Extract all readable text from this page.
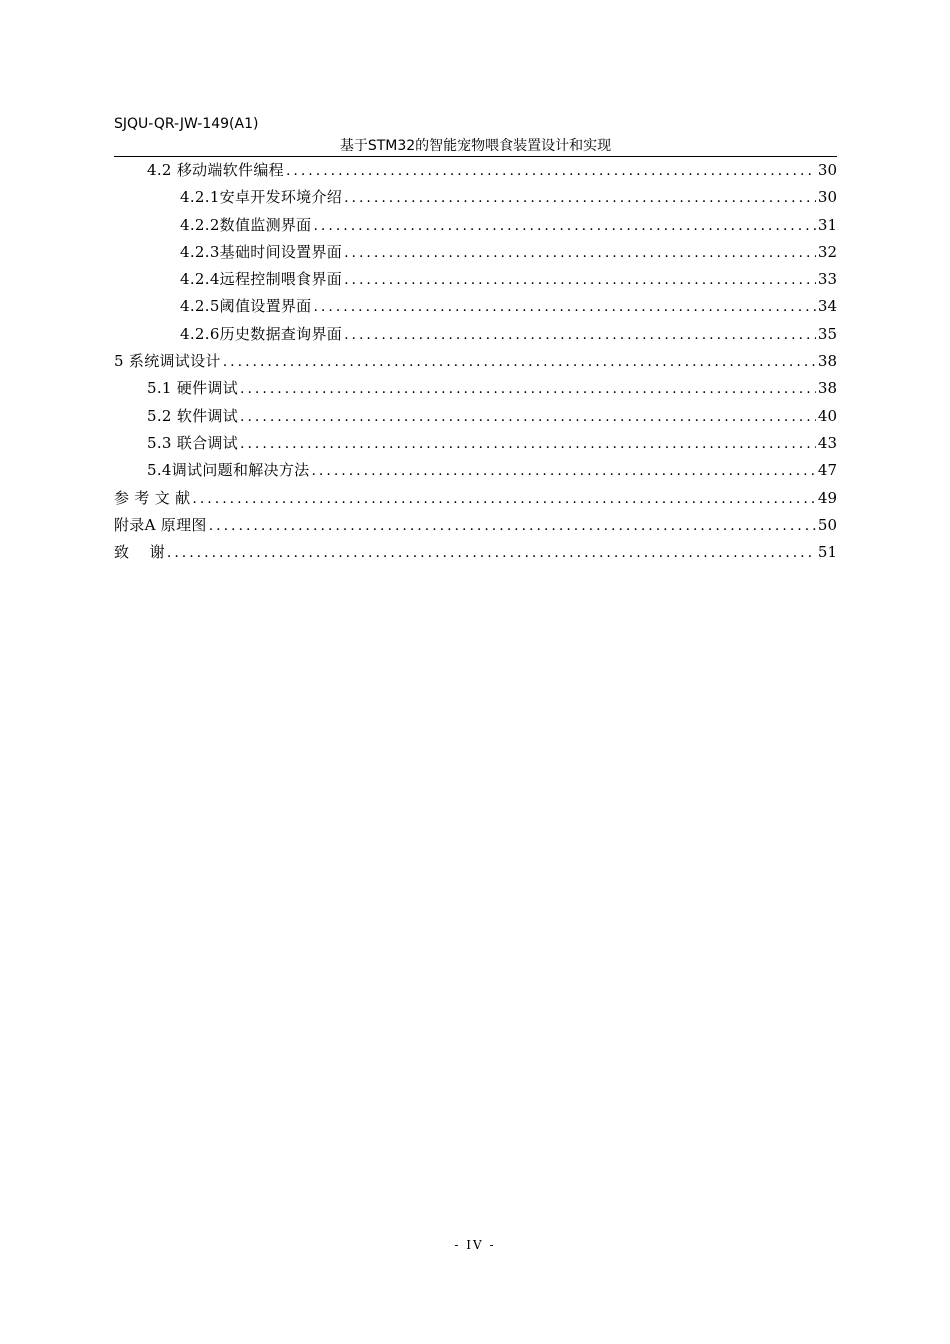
SJQU-QR-JW-149(A1)
基于STM32的智能宠物喂食装置设计和实现
4.2 移动端软件编程 .....	30
4.2.1安卓开发环境介绍 .....	30
4.2.2数值监测界面 .....	31
4.2.3基础时间设置界面 .....	32
4.2.4远程控制喂食界面 .....	33
4.2.5阈值设置界面 .....	34
4.2.6历史数据查询界面 .....	35
5 系统调试设计 .....	38
5.1 硬件调试 .....	38
5.2 软件调试 .....	40
5.3 联合调试 .....	43
5.4调试问题和解决方法 .....	47
参 考 文 献 .....	49
附录A 原理图 .....	50
致    谢 .....	51
- IV -
